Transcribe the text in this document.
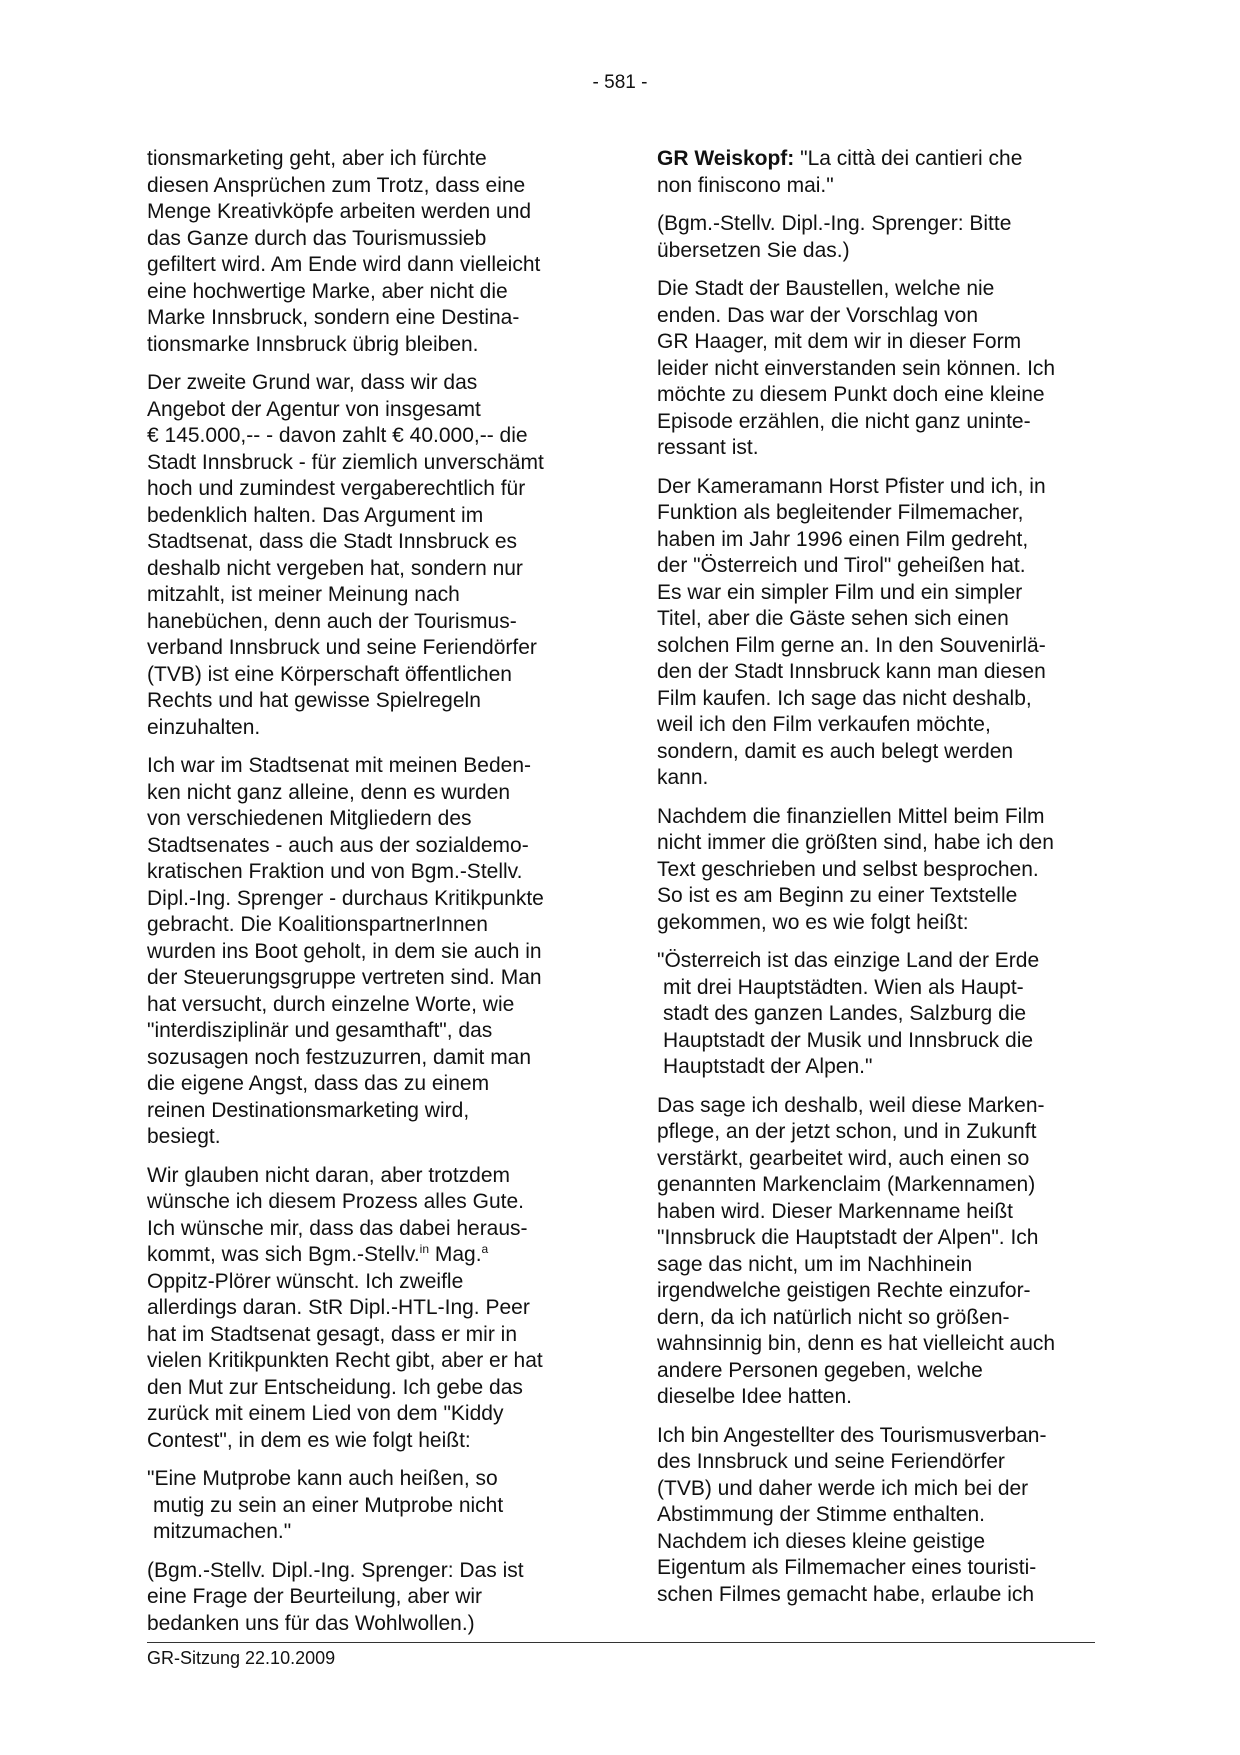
- 581 -

tionsmarketing geht, aber ich fürchte
diesen Ansprüchen zum Trotz, dass eine
Menge Kreativköpfe arbeiten werden und
das Ganze durch das Tourismussieb
gefiltert wird. Am Ende wird dann vielleicht
eine hochwertige Marke, aber nicht die
Marke Innsbruck, sondern eine Destina-
tionsmarke Innsbruck übrig bleiben.

Der zweite Grund war, dass wir das
Angebot der Agentur von insgesamt
€ 145.000,-- - davon zahlt € 40.000,-- die
Stadt Innsbruck - für ziemlich unverschämt
hoch und zumindest vergaberechtlich für
bedenklich halten. Das Argument im
Stadtsenat, dass die Stadt Innsbruck es
deshalb nicht vergeben hat, sondern nur
mitzahlt, ist meiner Meinung nach
hanebüchen, denn auch der Tourismus-
verband Innsbruck und seine Feriendörfer
(TVB) ist eine Körperschaft öffentlichen
Rechts und hat gewisse Spielregeln
einzuhalten.

Ich war im Stadtsenat mit meinen Beden-
ken nicht ganz alleine, denn es wurden
von verschiedenen Mitgliedern des
Stadtsenates - auch aus der sozialdemo-
kratischen Fraktion und von Bgm.-Stellv.
Dipl.-Ing. Sprenger - durchaus Kritikpunkte
gebracht. Die KoalitionspartnerInnen
wurden ins Boot geholt, in dem sie auch in
der Steuerungsgruppe vertreten sind. Man
hat versucht, durch einzelne Worte, wie
"interdisziplinär und gesamthaft", das
sozusagen noch festzuzurren, damit man
die eigene Angst, dass das zu einem
reinen Destinationsmarketing wird,
besiegt.

Wir glauben nicht daran, aber trotzdem
wünsche ich diesem Prozess alles Gute.
Ich wünsche mir, dass das dabei heraus-
kommt, was sich Bgm.-Stellv.$^{in}$ Mag.$^a$
Oppitz-Plörer wünscht. Ich zweifle
allerdings daran. StR Dipl.-HTL-Ing. Peer
hat im Stadtsenat gesagt, dass er mir in
vielen Kritikpunkten Recht gibt, aber er hat
den Mut zur Entscheidung. Ich gebe das
zurück mit einem Lied von dem "Kiddy
Contest", in dem es wie folgt heißt:

"Eine Mutprobe kann auch heißen, so
mutig zu sein an einer Mutprobe nicht
mitzumachen."

(Bgm.-Stellv. Dipl.-Ing. Sprenger: Das ist
eine Frage der Beurteilung, aber wir
bedanken uns für das Wohlwollen.)

GR Weiskopf: "La città dei cantieri che
non finiscono mai."

(Bgm.-Stellv. Dipl.-Ing. Sprenger: Bitte
übersetzen Sie das.)

Die Stadt der Baustellen, welche nie
enden. Das war der Vorschlag von
GR Haager, mit dem wir in dieser Form
leider nicht einverstanden sein können. Ich
möchte zu diesem Punkt doch eine kleine
Episode erzählen, die nicht ganz uninte-
ressant ist.

Der Kameramann Horst Pfister und ich, in
Funktion als begleitender Filmemacher,
haben im Jahr 1996 einen Film gedreht,
der "Österreich und Tirol" geheißen hat.
Es war ein simpler Film und ein simpler
Titel, aber die Gäste sehen sich einen
solchen Film gerne an. In den Souvenirlä-
den der Stadt Innsbruck kann man diesen
Film kaufen. Ich sage das nicht deshalb,
weil ich den Film verkaufen möchte,
sondern, damit es auch belegt werden
kann.

Nachdem die finanziellen Mittel beim Film
nicht immer die größten sind, habe ich den
Text geschrieben und selbst besprochen.
So ist es am Beginn zu einer Textstelle
gekommen, wo es wie folgt heißt:

"Österreich ist das einzige Land der Erde
mit drei Hauptstädten. Wien als Haupt-
stadt des ganzen Landes, Salzburg die
Hauptstadt der Musik und Innsbruck die
Hauptstadt der Alpen."

Das sage ich deshalb, weil diese Marken-
pflege, an der jetzt schon, und in Zukunft
verstärkt, gearbeitet wird, auch einen so
genannten Markenclaim (Markennamen)
haben wird. Dieser Markenname heißt
"Innsbruck die Hauptstadt der Alpen". Ich
sage das nicht, um im Nachhinein
irgendwelche geistigen Rechte einzufor-
dern, da ich natürlich nicht so größen-
wahnsinnig bin, denn es hat vielleicht auch
andere Personen gegeben, welche
dieselbe Idee hatten.

Ich bin Angestellter des Tourismusverban-
des Innsbruck und seine Feriendörfer
(TVB) und daher werde ich mich bei der
Abstimmung der Stimme enthalten.
Nachdem ich dieses kleine geistige
Eigentum als Filmemacher eines touristi-
schen Filmes gemacht habe, erlaube ich

GR-Sitzung 22.10.2009
